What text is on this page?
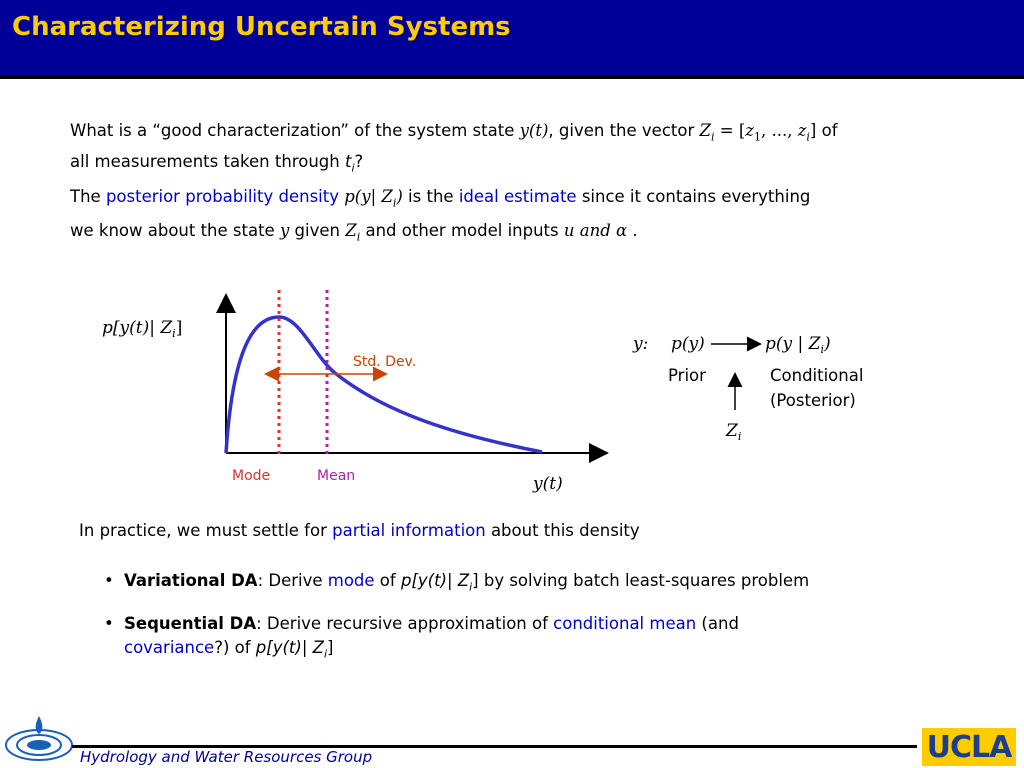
Characterizing Uncertain Systems
What is a “good characterization” of the system state y(t), given the vector $Z_i = [z_1$, ..., $z_i$] of
all measurements taken through $t_i$?
The posterior probability density p(y| $Z_i$) is the ideal estimate since it contains everything
we know about the state y given $Z_i$ and other model inputs u and α .
p[y(t)| $Z_i$]
Std. Dev.
Mode	Mean	y(t)
y: p(y)	p(y | $Z_i$)
Prior	Conditional
(Posterior)
$Z_i$
In practice, we must settle for partial information about this density
• Variational DA: Derive mode of p[y(t)| $Z_i$] by solving batch least-squares problem
• Sequential DA: Derive recursive approximation of conditional mean (and
covariance?) of p[y(t)| $Z_i$]
Hydrology and Water Resources Group	UCLA
